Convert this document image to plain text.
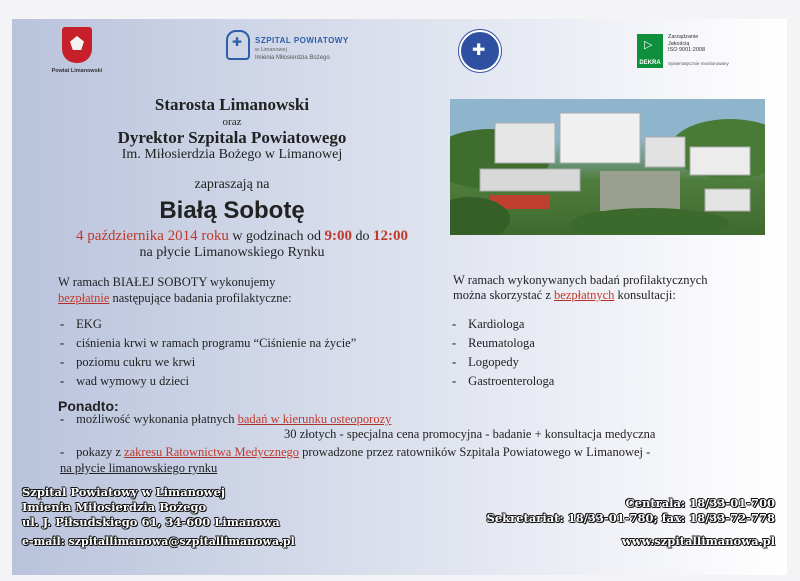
Powiat Limanowski
✚
SZPITAL POWIATOWY
w Limanowej
Imienia Miłosierdzia Bożego
✚
▷
DEKRA
Zarządzanie
Jakością
ISO 9001:2008
Systematycznie monitorowany
Starosta Limanowski
oraz
Dyrektor Szpitala Powiatowego
Im. Miłosierdzia Bożego w Limanowej
zapraszają na
Białą Sobotę
4 października 2014 roku w godzinach od 9:00 do 12:00
na płycie Limanowskiego Rynku
W ramach BIAŁEJ SOBOTY wykonujemy
bezpłatnie następujące badania profilaktyczne:
- EKG
- ciśnienia krwi w ramach programu “Ciśnienie na życie”
- poziomu cukru we krwi
- wad wymowy u dzieci
W ramach wykonywanych badań profilaktycznych
można skorzystać z bezpłatnych konsultacji:
- Kardiologa
- Reumatologa
- Logopedy
- Gastroenterologa
Ponadto:
- możliwość wykonania płatnych badań w kierunku osteoporozy
30 złotych - specjalna cena promocyjna - badanie + konsultacja medyczna
- pokazy z zakresu Ratownictwa Medycznego prowadzone przez ratowników Szpitala Powiatowego w Limanowej -
na płycie limanowskiego rynku
Szpital Powiatowy w Limanowej
Imienia Miłosierdzia Bożego
ul. J. Piłsudskiego 61, 34-600 Limanowa
e-mail: szpitallimanowa@szpitallimanowa.pl
Centrala: 18/33-01-700
Sekretariat: 18/33-01-780; fax: 18/33-72-778
www.szpitallimanowa.pl
